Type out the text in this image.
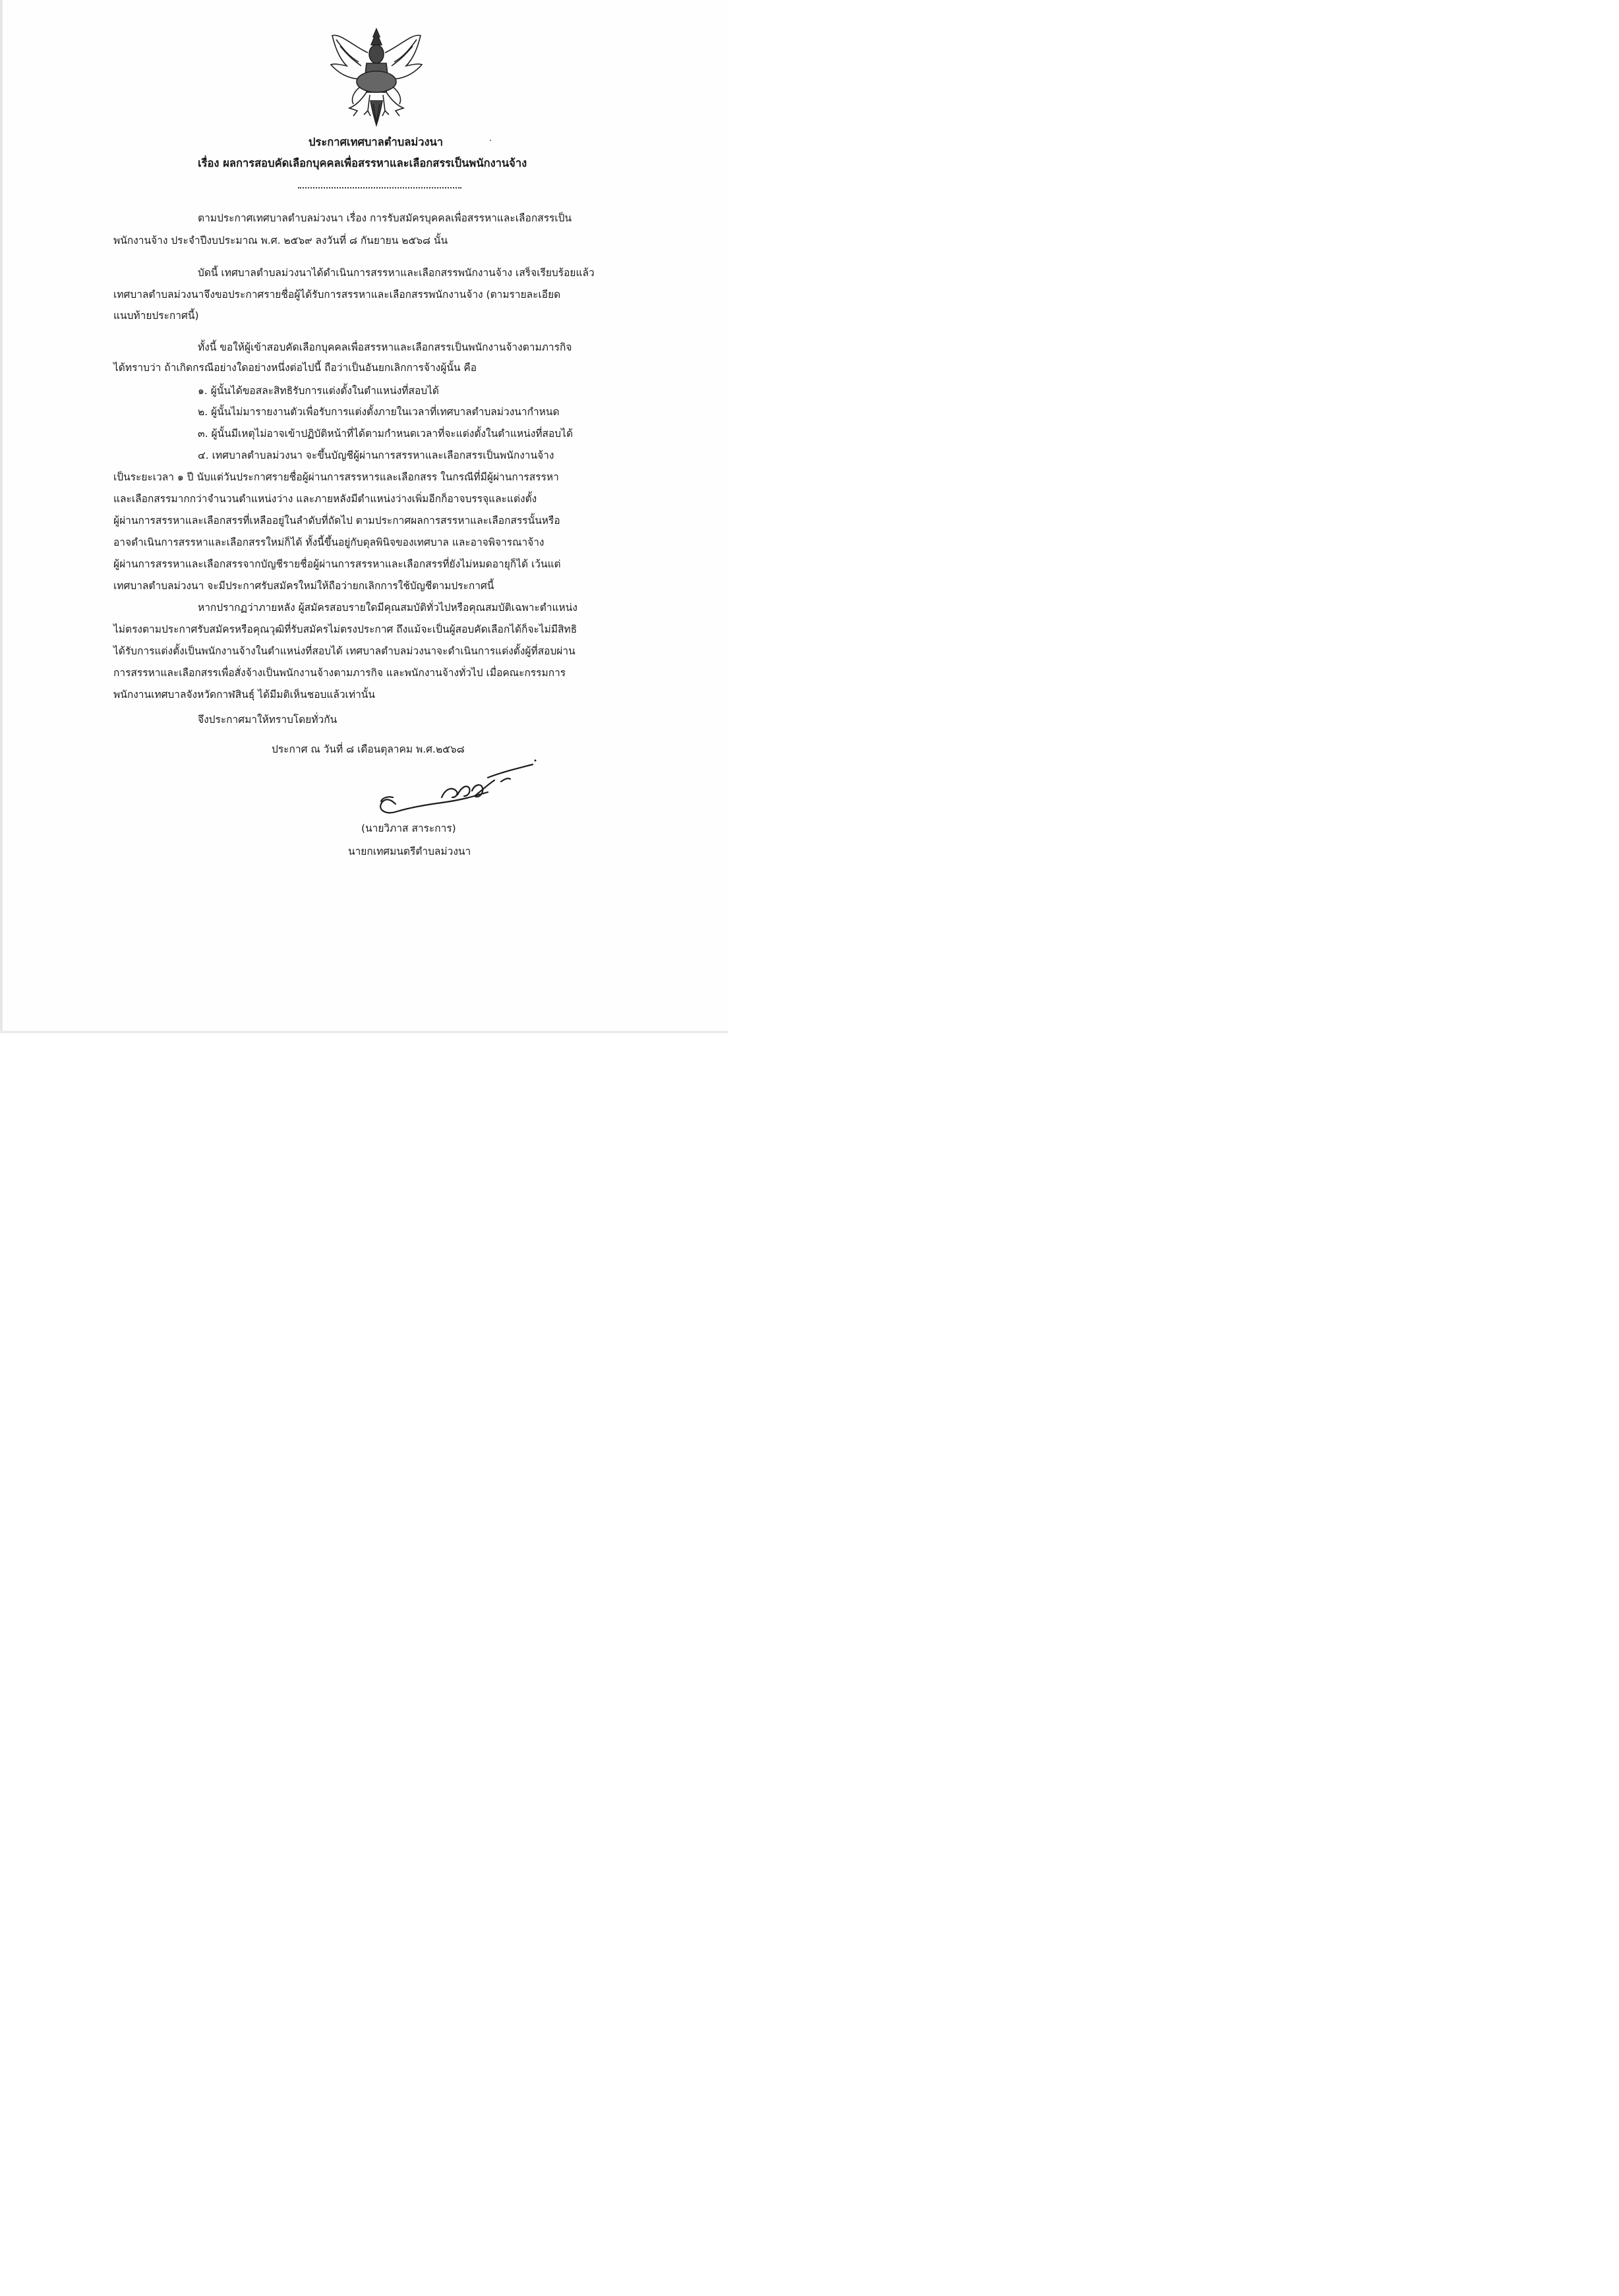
ประกาศเทศบาลตำบลม่วงนา
เรื่อง ผลการสอบคัดเลือกบุคคลเพื่อสรรหาและเลือกสรรเป็นพนักงานจ้าง
ตามประกาศเทศบาลตำบลม่วงนา เรื่อง การรับสมัครบุคคลเพื่อสรรหาและเลือกสรรเป็น
พนักงานจ้าง ประจำปีงบประมาณ พ.ศ. ๒๕๖๙ ลงวันที่ ๘ กันยายน ๒๕๖๘ นั้น
บัดนี้ เทศบาลตำบลม่วงนาได้ดำเนินการสรรหาและเลือกสรรพนักงานจ้าง เสร็จเรียบร้อยแล้ว
เทศบาลตำบลม่วงนาจึงขอประกาศรายชื่อผู้ได้รับการสรรหาและเลือกสรรพนักงานจ้าง (ตามรายละเอียด
แนบท้ายประกาศนี้)
ทั้งนี้ ขอให้ผู้เข้าสอบคัดเลือกบุคคลเพื่อสรรหาและเลือกสรรเป็นพนักงานจ้างตามภารกิจ
ได้ทราบว่า ถ้าเกิดกรณีอย่างใดอย่างหนึ่งต่อไปนี้ ถือว่าเป็นอันยกเลิกการจ้างผู้นั้น คือ
๑. ผู้นั้นได้ขอสละสิทธิรับการแต่งตั้งในตำแหน่งที่สอบได้
๒. ผู้นั้นไม่มารายงานตัวเพื่อรับการแต่งตั้งภายในเวลาที่เทศบาลตำบลม่วงนากำหนด
๓. ผู้นั้นมีเหตุไม่อาจเข้าปฏิบัติหน้าที่ได้ตามกำหนดเวลาที่จะแต่งตั้งในตำแหน่งที่สอบได้
๔. เทศบาลตำบลม่วงนา จะขึ้นบัญชีผู้ผ่านการสรรหาและเลือกสรรเป็นพนักงานจ้าง
เป็นระยะเวลา ๑ ปี นับแต่วันประกาศรายชื่อผู้ผ่านการสรรหารและเลือกสรร ในกรณีที่มีผู้ผ่านการสรรหา
และเลือกสรรมากกว่าจำนวนตำแหน่งว่าง และภายหลังมีตำแหน่งว่างเพิ่มอีกก็อาจบรรจุและแต่งตั้ง
ผู้ผ่านการสรรหาและเลือกสรรที่เหลืออยู่ในลำดับที่ถัดไป ตามประกาศผลการสรรหาและเลือกสรรนั้นหรือ
อาจดำเนินการสรรหาและเลือกสรรใหม่ก็ได้ ทั้งนี้ขึ้นอยู่กับดุลพินิจของเทศบาล และอาจพิจารณาจ้าง
ผู้ผ่านการสรรหาและเลือกสรรจากบัญชีรายชื่อผู้ผ่านการสรรหาและเลือกสรรที่ยังไม่หมดอายุก็ได้ เว้นแต่
เทศบาลตำบลม่วงนา จะมีประกาศรับสมัครใหม่ให้ถือว่ายกเลิกการใช้บัญชีตามประกาศนี้
หากปรากฏว่าภายหลัง ผู้สมัครสอบรายใดมีคุณสมบัติทั่วไปหรือคุณสมบัติเฉพาะตำแหน่ง
ไม่ตรงตามประกาศรับสมัครหรือคุณวุฒิที่รับสมัครไม่ตรงประกาศ ถึงแม้จะเป็นผู้สอบคัดเลือกได้ก็จะไม่มีสิทธิ
ได้รับการแต่งตั้งเป็นพนักงานจ้างในตำแหน่งที่สอบได้ เทศบาลตำบลม่วงนาจะดำเนินการแต่งตั้งผู้ที่สอบผ่าน
การสรรหาและเลือกสรรเพื่อสั่งจ้างเป็นพนักงานจ้างตามภารกิจ และพนักงานจ้างทั่วไป เมื่อคณะกรรมการ
พนักงานเทศบาลจังหวัดกาฬสินธุ์ ได้มีมติเห็นชอบแล้วเท่านั้น
จึงประกาศมาให้ทราบโดยทั่วกัน
ประกาศ ณ วันที่ ๘ เดือนตุลาคม พ.ศ.๒๕๖๘
(นายวิภาส สาระการ)
นายกเทศมนตรีตำบลม่วงนา
